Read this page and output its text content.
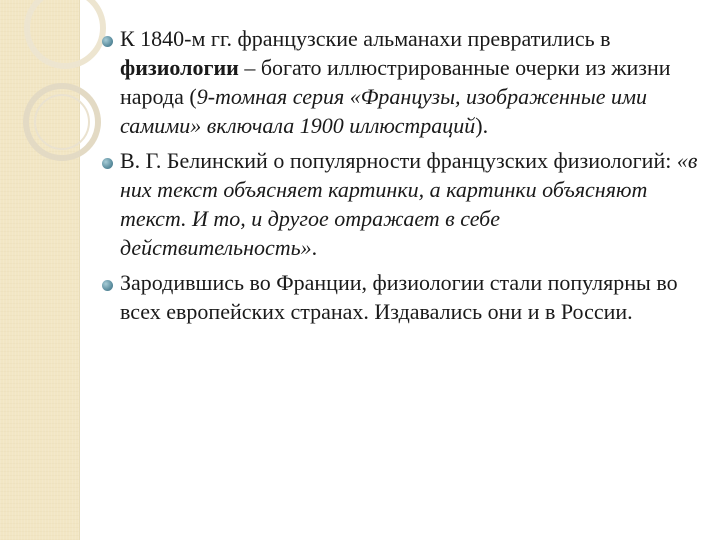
К 1840-м гг. французские альманахи превратились в физиологии – богато иллюстрированные очерки из жизни народа (9-томная серия «Французы, изображенные ими самими» включала 1900 иллюстраций).
В. Г. Белинский о популярности французских физиологий: «в них текст объясняет картинки, а картинки объясняют текст. И то, и другое отражает в себе действительность».
Зародившись во Франции, физиологии стали популярны во всех европейских странах. Издавались они и в России.
